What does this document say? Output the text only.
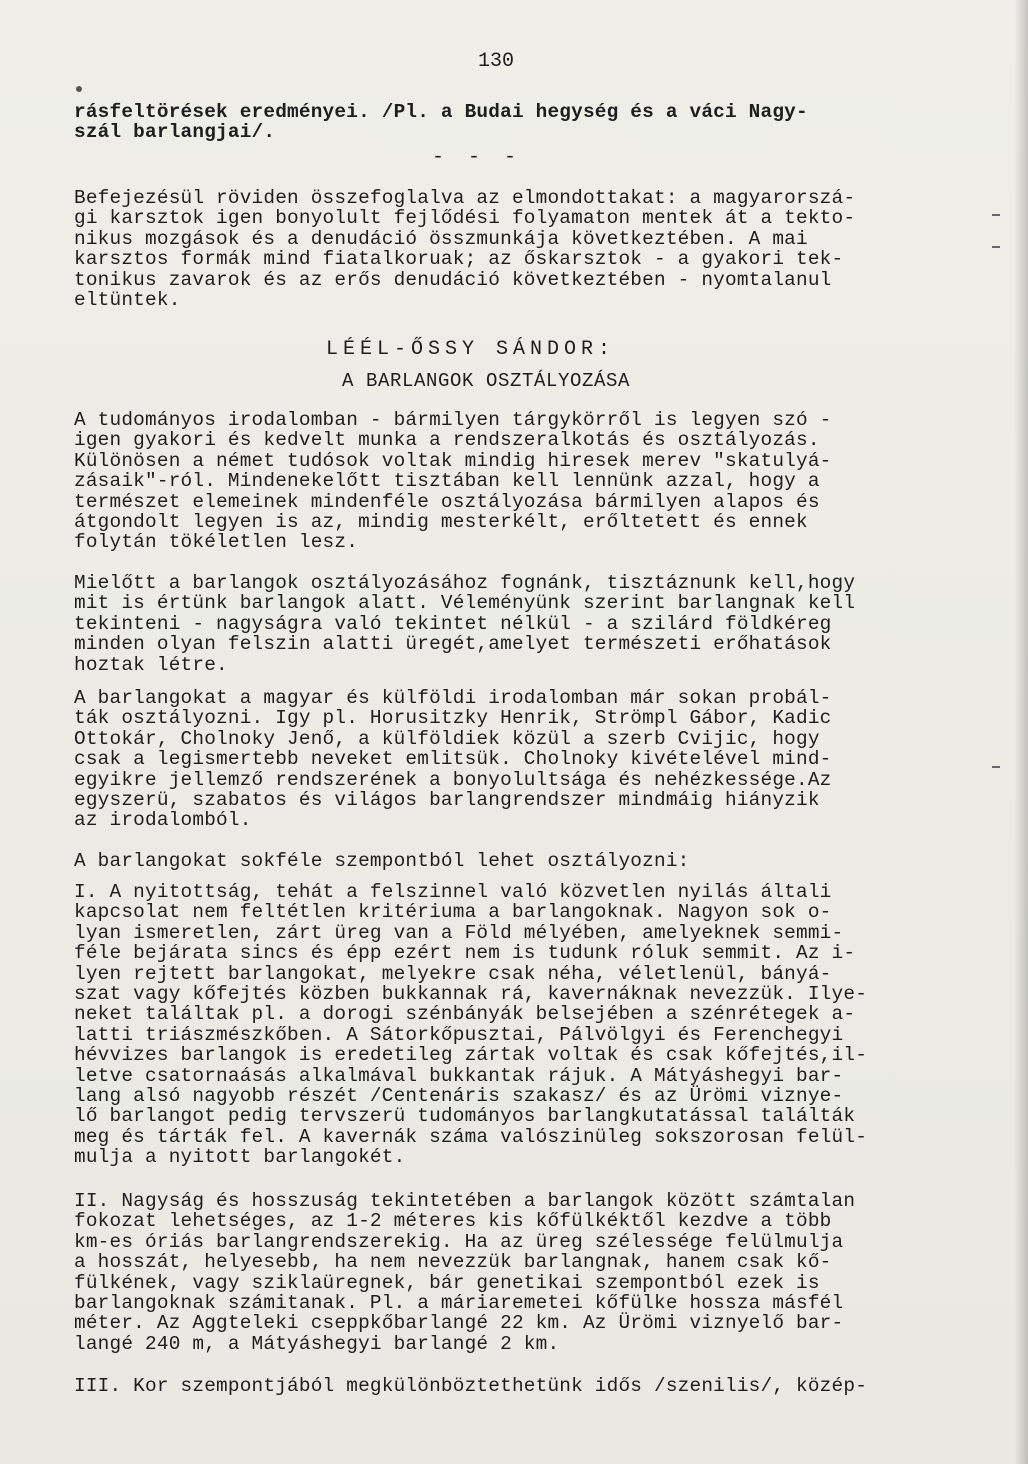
130
rásfeltörések eredményei. /Pl. a Budai hegység és a váci Nagy-
szál barlangjai/.
- - -
Befejezésül röviden összefoglalva az elmondottakat: a magyarorszá-
gi karsztok igen bonyolult fejlődési folyamaton mentek át a tekto-
nikus mozgások és a denudáció összmunkája következtében. A mai
karsztos formák mind fiatalkoruak; az őskarsztok - a gyakori tek-
tonikus zavarok és az erős denudáció következtében - nyomtalanul
eltüntek.
LÉÉL-ŐSSY SÁNDOR:
A BARLANGOK OSZTÁLYOZÁSA
A tudományos irodalomban - bármilyen tárgykörről is legyen szó -
igen gyakori és kedvelt munka a rendszeralkotás és osztályozás.
Különösen a német tudósok voltak mindig hiresek merev "skatulyá-
zásaik"-ról. Mindenekelőtt tisztában kell lennünk azzal, hogy a
természet elemeinek mindenféle osztályozása bármilyen alapos és
átgondolt legyen is az, mindig mesterkélt, erőltetett és ennek
folytán tökéletlen lesz.
Mielőtt a barlangok osztályozásához fognánk, tisztáznunk kell,hogy
mit is értünk barlangok alatt. Véleményünk szerint barlangnak kell
tekinteni - nagyságra való tekintet nélkül - a szilárd földkéreg
minden olyan felszin alatti üregét,amelyet természeti erőhatások
hoztak létre.
A barlangokat a magyar és külföldi irodalomban már sokan probál-
ták osztályozni. Igy pl. Horusitzky Henrik, Strömpl Gábor, Kadic
Ottokár, Cholnoky Jenő, a külföldiek közül a szerb Cvijic, hogy
csak a legismertebb neveket emlitsük. Cholnoky kivételével mind-
egyikre jellemző rendszerének a bonyolultsága és nehézkessége.Az
egyszerü, szabatos és világos barlangrendszer mindmáig hiányzik
az irodalomból.
A barlangokat sokféle szempontból lehet osztályozni:
I. A nyitottság, tehát a felszinnel való közvetlen nyilás általi
kapcsolat nem feltétlen kritériuma a barlangoknak. Nagyon sok o-
lyan ismeretlen, zárt üreg van a Föld mélyében, amelyeknek semmi-
féle bejárata sincs és épp ezért nem is tudunk róluk semmit. Az i-
lyen rejtett barlangokat, melyekre csak néha, véletlenül, bányá-
szat vagy kőfejtés közben bukkannak rá, kavernáknak nevezzük. Ilye-
neket találtak pl. a dorogi szénbányák belsejében a szénrétegek a-
latti triászmészkőben. A Sátorkőpusztai, Pálvölgyi és Ferenchegyi
hévvizes barlangok is eredetileg zártak voltak és csak kőfejtés,il-
letve csatornaásás alkalmával bukkantak rájuk. A Mátyáshegyi bar-
lang alsó nagyobb részét /Centenáris szakasz/ és az Ürömi viznye-
lő barlangot pedig tervszerü tudományos barlangkutatással találták
meg és tárták fel. A kavernák száma valószinüleg sokszorosan felül-
mulja a nyitott barlangokét.
II. Nagyság és hosszuság tekintetében a barlangok között számtalan
fokozat lehetséges, az 1-2 méteres kis kőfülkéktől kezdve a több
km-es óriás barlangrendszerekig. Ha az üreg szélessége felülmulja
a hosszát, helyesebb, ha nem nevezzük barlangnak, hanem csak kő-
fülkének, vagy sziklaüregnek, bár genetikai szempontból ezek is
barlangoknak számitanak. Pl. a máriaremetei kőfülke hossza másfél
méter. Az Aggteleki cseppkőbarlangé 22 km. Az Ürömi viznyelő bar-
langé 240 m, a Mátyáshegyi barlangé 2 km.
III. Kor szempontjából megkülönböztethetünk idős /szenilis/, közép-
